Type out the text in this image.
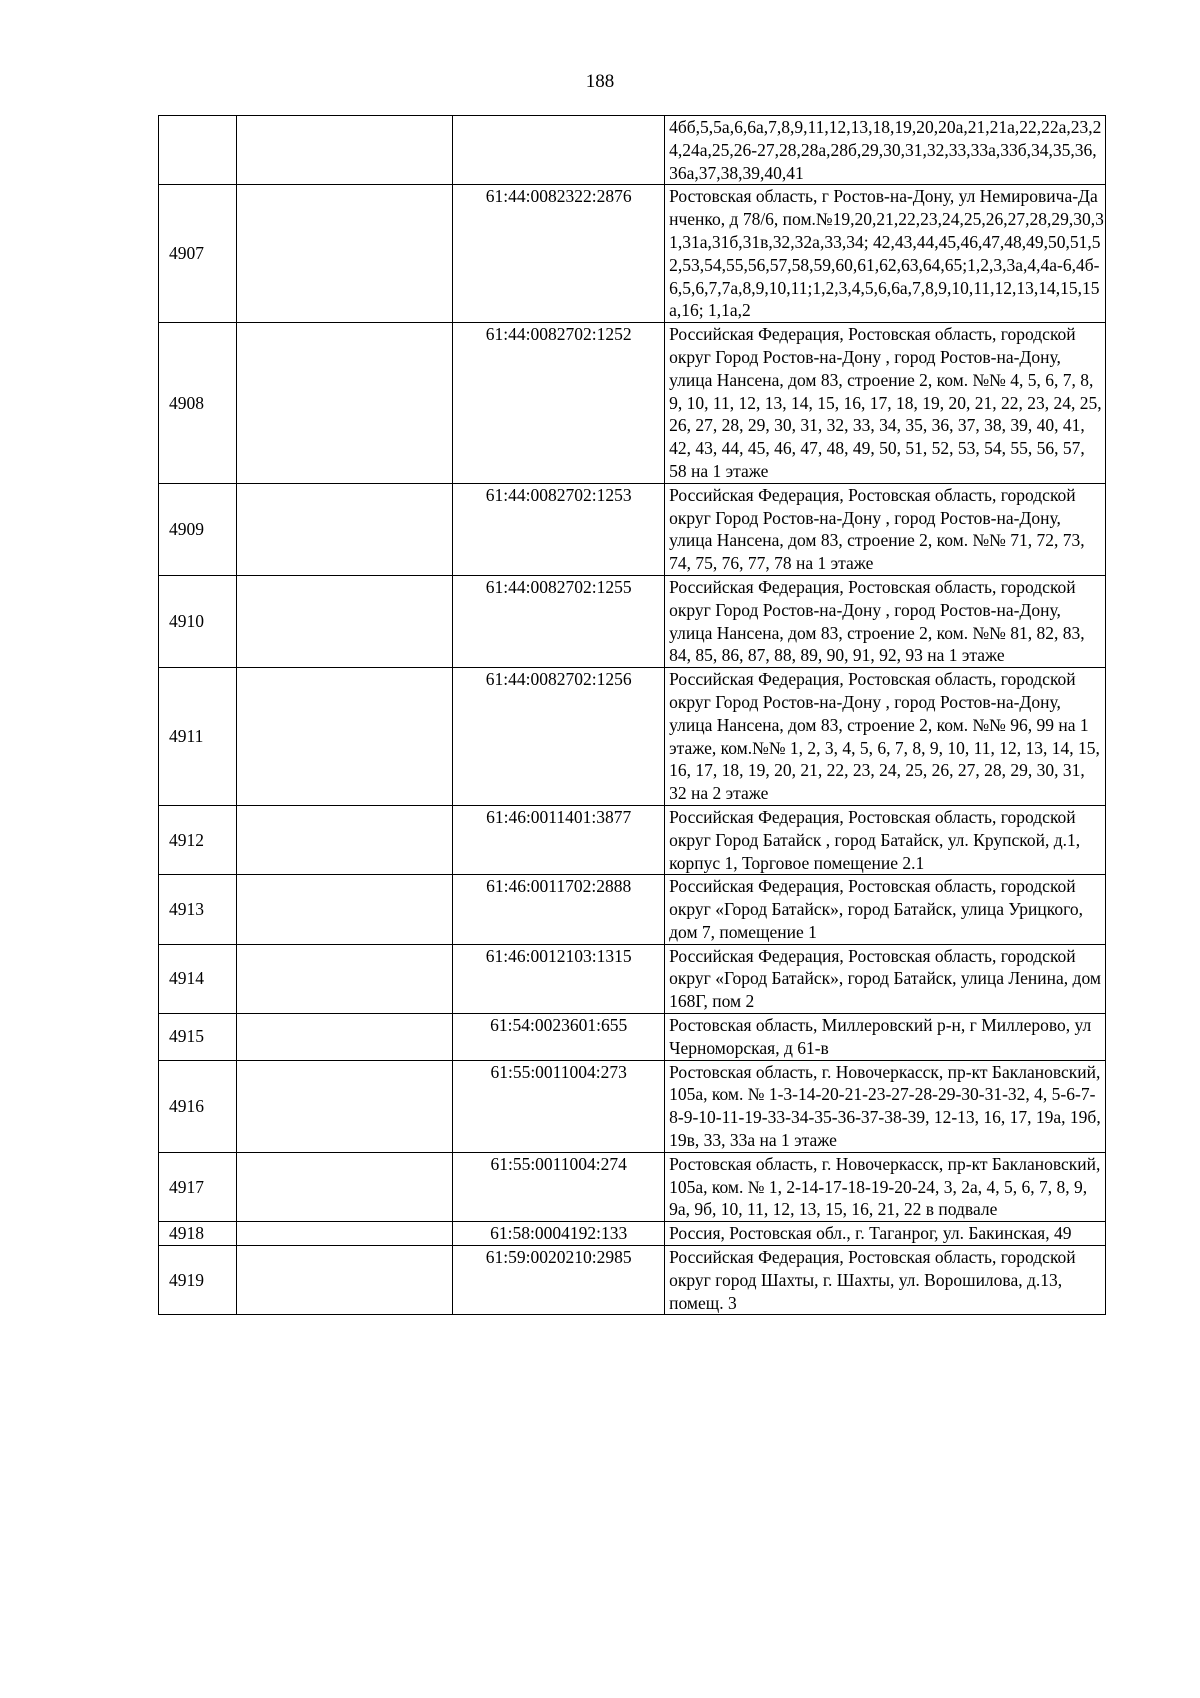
188
			4бб,5,5а,6,6а,7,8,9,11,12,13,18,19,20,20а,21,21а,22,22а,23,24,24а,25,26-27,28,28а,28б,29,30,31,32,33,33а,33б,34,35,36,36а,37,38,39,40,41
4907		61:44:0082322:2876	Ростовская область, г Ростов-на-Дону, ул Немировича-Данченко, д 78/6, пом.№19,20,21,22,23,24,25,26,27,28,29,30,31,31а,31б,31в,32,32а,33,34; 42,43,44,45,46,47,48,49,50,51,52,53,54,55,56,57,58,59,60,61,62,63,64,65;1,2,3,3а,4,4а-6,4б-6,5,6,7,7а,8,9,10,11;1,2,3,4,5,6,6а,7,8,9,10,11,12,13,14,15,15а,16; 1,1а,2
4908		61:44:0082702:1252	Российская Федерация, Ростовская область, городской округ Город Ростов-на-Дону , город Ростов-на-Дону, улица Нансена, дом 83, строение 2, ком. №№ 4, 5, 6, 7, 8, 9, 10, 11, 12, 13, 14, 15, 16, 17, 18, 19, 20, 21, 22, 23, 24, 25, 26, 27, 28, 29, 30, 31, 32, 33, 34, 35, 36, 37, 38, 39, 40, 41, 42, 43, 44, 45, 46, 47, 48, 49, 50, 51, 52, 53, 54, 55, 56, 57, 58 на 1 этаже
4909		61:44:0082702:1253	Российская Федерация, Ростовская область, городской округ Город Ростов-на-Дону , город Ростов-на-Дону, улица Нансена, дом 83, строение 2, ком. №№ 71, 72, 73, 74, 75, 76, 77, 78 на 1 этаже
4910		61:44:0082702:1255	Российская Федерация, Ростовская область, городской округ Город Ростов-на-Дону , город Ростов-на-Дону, улица Нансена, дом 83, строение 2, ком. №№ 81, 82, 83, 84, 85, 86, 87, 88, 89, 90, 91, 92, 93 на 1 этаже
4911		61:44:0082702:1256	Российская Федерация, Ростовская область, городской округ Город Ростов-на-Дону , город Ростов-на-Дону, улица Нансена, дом 83, строение 2, ком. №№ 96, 99 на 1 этаже, ком.№№ 1, 2, 3, 4, 5, 6, 7, 8, 9, 10, 11, 12, 13, 14, 15, 16, 17, 18, 19, 20, 21, 22, 23, 24, 25, 26, 27, 28, 29, 30, 31, 32 на 2 этаже
4912		61:46:0011401:3877	Российская Федерация, Ростовская область, городской округ Город Батайск , город Батайск, ул. Крупской, д.1, корпус 1, Торговое помещение 2.1
4913		61:46:0011702:2888	Российская Федерация, Ростовская область, городской округ «Город Батайск», город Батайск, улица Урицкого, дом 7, помещение 1
4914		61:46:0012103:1315	Российская Федерация, Ростовская область, городской округ «Город Батайск», город Батайск, улица Ленина, дом 168Г, пом 2
4915		61:54:0023601:655	Ростовская область, Миллеровский р-н, г Миллерово, ул Черноморская, д 61-в
4916		61:55:0011004:273	Ростовская область, г. Новочеркасск, пр-кт Баклановский, 105а, ком. № 1-3-14-20-21-23-27-28-29-30-31-32, 4, 5-6-7-8-9-10-11-19-33-34-35-36-37-38-39, 12-13, 16, 17, 19а, 19б, 19в, 33, 33а на 1 этаже
4917		61:55:0011004:274	Ростовская область, г. Новочеркасск, пр-кт Баклановский, 105а, ком. № 1, 2-14-17-18-19-20-24, 3, 2а, 4, 5, 6, 7, 8, 9, 9а, 9б, 10, 11, 12, 13, 15, 16, 21, 22 в подвале
4918		61:58:0004192:133	Россия, Ростовская обл., г. Таганрог, ул. Бакинская, 49
4919		61:59:0020210:2985	Российская Федерация, Ростовская область, городской округ город Шахты, г. Шахты, ул. Ворошилова, д.13, помещ. 3
